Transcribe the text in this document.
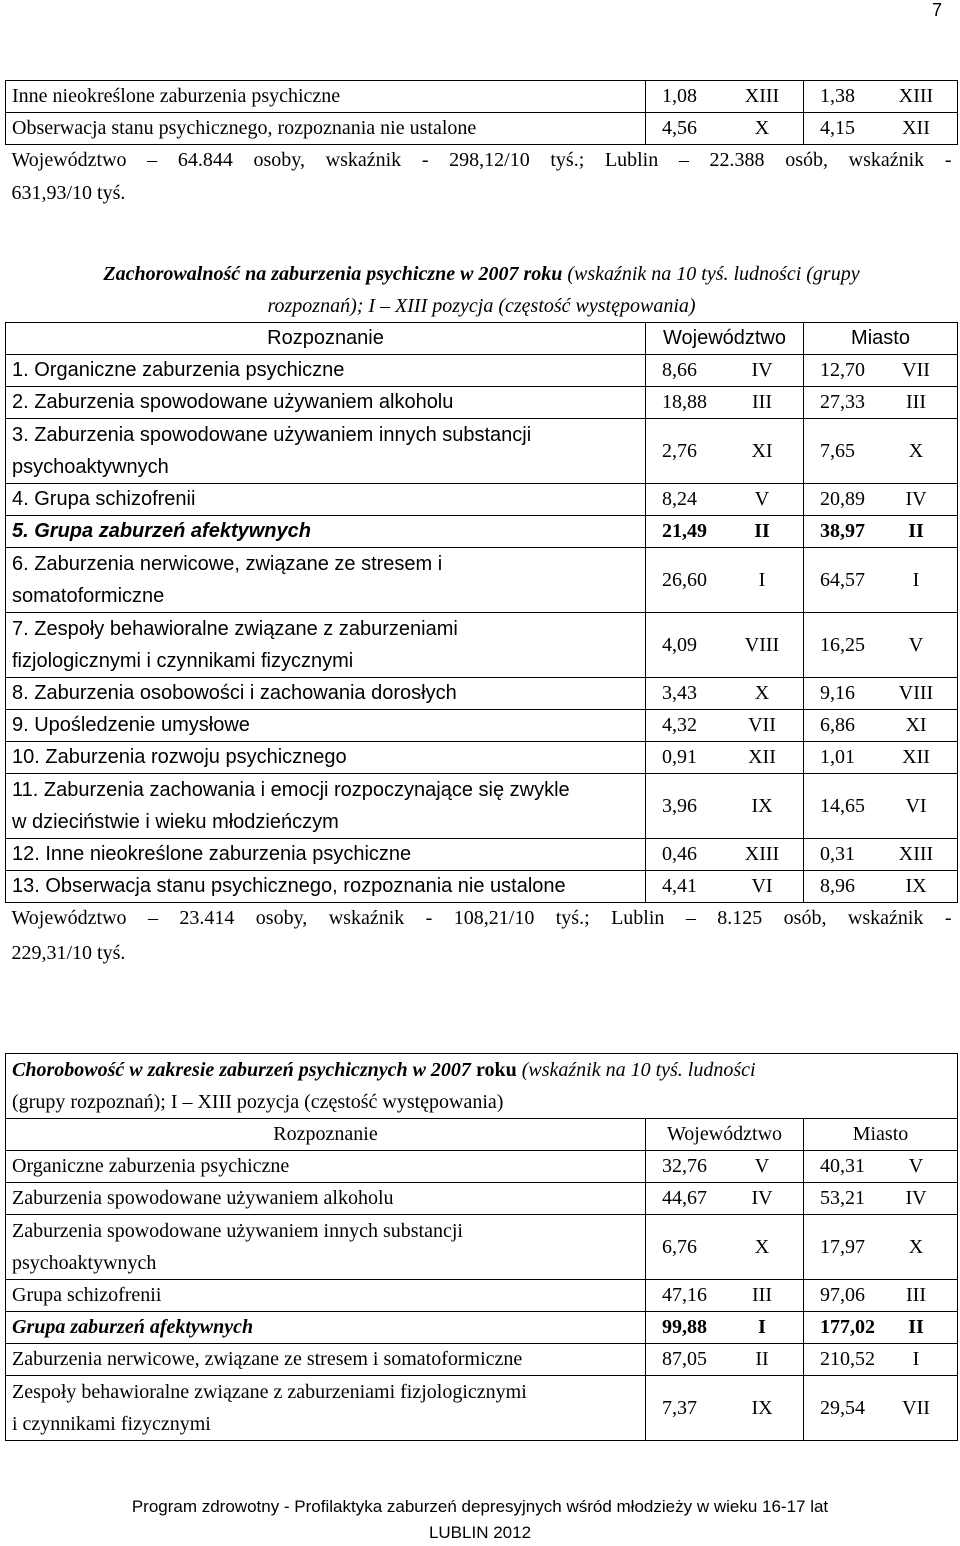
7
Inne nieokreślone zaburzenia psychiczne	1,08 XIII	1,38 XIII

Obserwacja stanu psychicznego, rozpoznania nie ustalone	4,56 X	4,15 XII

Województwo – 64.844 osoby, wskaźnik - 298,12/10 tyś.; Lublin – 22.388 osób, wskaźnik -		

631,93/10 tyś.		
Zachorowalność na zaburzenia psychiczne w 2007 roku (wskaźnik na 10 tyś. ludności (grupy
rozpoznań); I – XIII pozycja (częstość występowania)		
Rozpoznanie	Województwo	Miasto
1. Organiczne zaburzenia psychiczne	8,66 IV	12,70 VII

2. Zaburzenia spowodowane używaniem alkoholu	18,88 III	27,33 III

3. Zaburzenia spowodowane używaniem innych substancji
psychoaktywnych	2,76 XI	7,65 X

4. Grupa schizofrenii	8,24 V	20,89 IV

5. Grupa zaburzeń afektywnych	21,49 II	38,97 II

6. Zaburzenia nerwicowe, związane ze stresem i
somatoformiczne	26,60 I	64,57 I

7. Zespoły behawioralne związane z zaburzeniami
fizjologicznymi i czynnikami fizycznymi	4,09 VIII	16,25 V

8. Zaburzenia osobowości i zachowania dorosłych	3,43 X	9,16 VIII

9. Upośledzenie umysłowe	4,32 VII	6,86 XI

10. Zaburzenia rozwoju psychicznego	0,91 XII	1,01 XII

11. Zaburzenia zachowania i emocji rozpoczynające się zwykle
w dzieciństwie i wieku młodzieńczym	3,96 IX	14,65 VI

12. Inne nieokreślone zaburzenia psychiczne	0,46 XIII	0,31 XIII

13. Obserwacja stanu psychicznego, rozpoznania nie ustalone	4,41 VI	8,96 IX

Województwo – 23.414 osoby, wskaźnik - 108,21/10 tyś.; Lublin – 8.125 osób, wskaźnik -		

229,31/10 tyś.		
Chorobowość w zakresie zaburzeń psychicznych w 2007 roku (wskaźnik na 10 tyś. ludności
(grupy rozpoznań); I – XIII pozycja (częstość występowania)		
Rozpoznanie	Województwo	Miasto
Organiczne zaburzenia psychiczne	32,76 V	40,31 V

Zaburzenia spowodowane używaniem alkoholu	44,67 IV	53,21 IV

Zaburzenia spowodowane używaniem innych substancji
psychoaktywnych	6,76 X	17,97 X

Grupa schizofrenii	47,16 III	97,06 III

Grupa zaburzeń afektywnych	99,88 I	177,02 II

Zaburzenia nerwicowe, związane ze stresem i somatoformiczne	87,05 II	210,52 I

Zespoły behawioralne związane z zaburzeniami fizjologicznymi
i czynnikami fizycznymi	7,37 IX	29,54 VII
Program zdrowotny - Profilaktyka zaburzeń depresyjnych wśród młodzieży w wieku 16-17 lat
LUBLIN 2012
